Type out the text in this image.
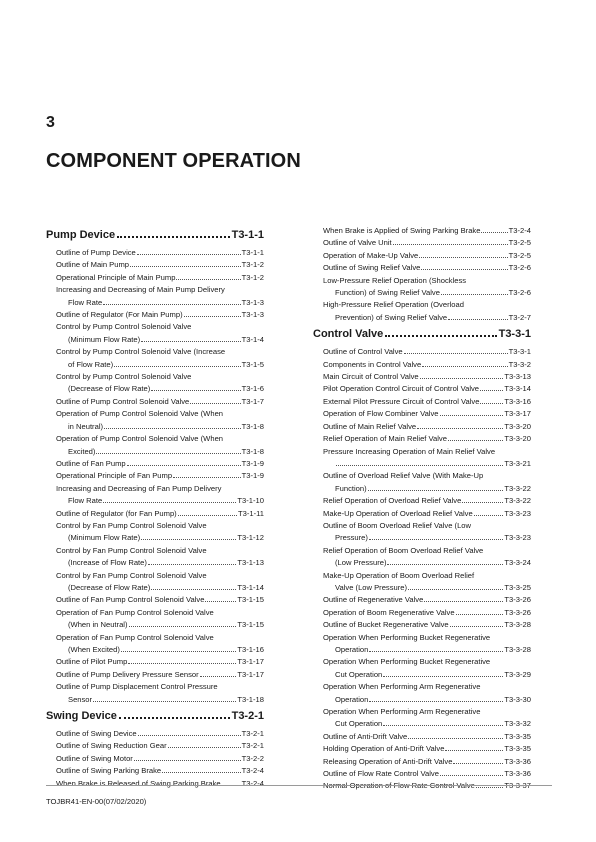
3
COMPONENT OPERATION
Pump Device	T3-1-1
Outline of Pump Device	T3-1-1
Outline of Main Pump	T3-1-2
Operational Principle of Main Pump	T3-1-2
Increasing and Decreasing of Main Pump Delivery
Flow Rate	T3-1-3
Outline of Regulator (For Main Pump)	T3-1-3
Control by Pump Control Solenoid Valve
(Minimum Flow Rate)	T3-1-4
Control by Pump Control Solenoid Valve (Increase
of Flow Rate)	T3-1-5
Control by Pump Control Solenoid Valve
(Decrease of Flow Rate)	T3-1-6
Outline of Pump Control Solenoid Valve	T3-1-7
Operation of Pump Control Solenoid Valve (When
in Neutral)	T3-1-8
Operation of Pump Control Solenoid Valve (When
Excited)	T3-1-8
Outline of Fan Pump	T3-1-9
Operational Principle of Fan Pump	T3-1-9
Increasing and Decreasing of Fan Pump Delivery
Flow Rate	T3-1-10
Outline of Regulator (for Fan Pump)	T3-1-11
Control by Fan Pump Control Solenoid Valve
(Minimum Flow Rate)	T3-1-12
Control by Fan Pump Control Solenoid Valve
(Increase of Flow Rate)	T3-1-13
Control by Fan Pump Control Solenoid Valve
(Decrease of Flow Rate)	T3-1-14
Outline of Fan Pump Control Solenoid Valve	T3-1-15
Operation of Fan Pump Control Solenoid Valve
(When in Neutral)	T3-1-15
Operation of Fan Pump Control Solenoid Valve
(When Excited)	T3-1-16
Outline of Pilot Pump	T3-1-17
Outline of Pump Delivery Pressure Sensor	T3-1-17
Outline of Pump Displacement Control Pressure
Sensor	T3-1-18
Swing Device	T3-2-1
Outline of Swing Device	T3-2-1
Outline of Swing Reduction Gear	T3-2-1
Outline of Swing Motor	T3-2-2
Outline of Swing Parking Brake	T3-2-4
When Brake is Released of Swing Parking Brake	T3-2-4
When Brake is Applied of Swing Parking Brake	T3-2-4
Outline of Valve Unit	T3-2-5
Operation of Make-Up Valve	T3-2-5
Outline of Swing Relief Valve	T3-2-6
Low-Pressure Relief Operation (Shockless
Function) of Swing Relief Valve	T3-2-6
High-Pressure Relief Operation (Overload
Prevention) of Swing Relief Valve	T3-2-7
Control Valve	T3-3-1
Outline of Control Valve	T3-3-1
Components in Control Valve	T3-3-2
Main Circuit of Control Valve	T3-3-13
Pilot Operation Control Circuit of Control Valve	T3-3-14
External Pilot Pressure Circuit of Control Valve	T3-3-16
Operation of Flow Combiner Valve	T3-3-17
Outline of Main Relief Valve	T3-3-20
Relief Operation of Main Relief Valve	T3-3-20
Pressure Increasing Operation of Main Relief Valve
T3-3-21
Outline of Overload Relief Valve (With Make-Up
Function)	T3-3-22
Relief Operation of Overload Relief Valve	T3-3-22
Make-Up Operation of Overload Relief Valve	T3-3-23
Outline of Boom Overload Relief Valve (Low
Pressure)	T3-3-23
Relief Operation of Boom Overload Relief Valve
(Low Pressure)	T3-3-24
Make-Up Operation of Boom Overload Relief
Valve (Low Pressure)	T3-3-25
Outline of Regenerative Valve	T3-3-26
Operation of Boom Regenerative Valve	T3-3-26
Outline of Bucket Regenerative Valve	T3-3-28
Operation When Performing Bucket Regenerative
Operation	T3-3-28
Operation When Performing Bucket Regenerative
Cut Operation	T3-3-29
Operation When Performing Arm Regenerative
Operation	T3-3-30
Operation When Performing Arm Regenerative
Cut Operation	T3-3-32
Outline of Anti-Drift Valve	T3-3-35
Holding Operation of Anti-Drift Valve	T3-3-35
Releasing Operation of Anti-Drift Valve	T3-3-36
Outline of Flow Rate Control Valve	T3-3-36
Normal Operation of Flow Rate Control Valve	T3-3-37
TOJBR41-EN-00(07/02/2020)
